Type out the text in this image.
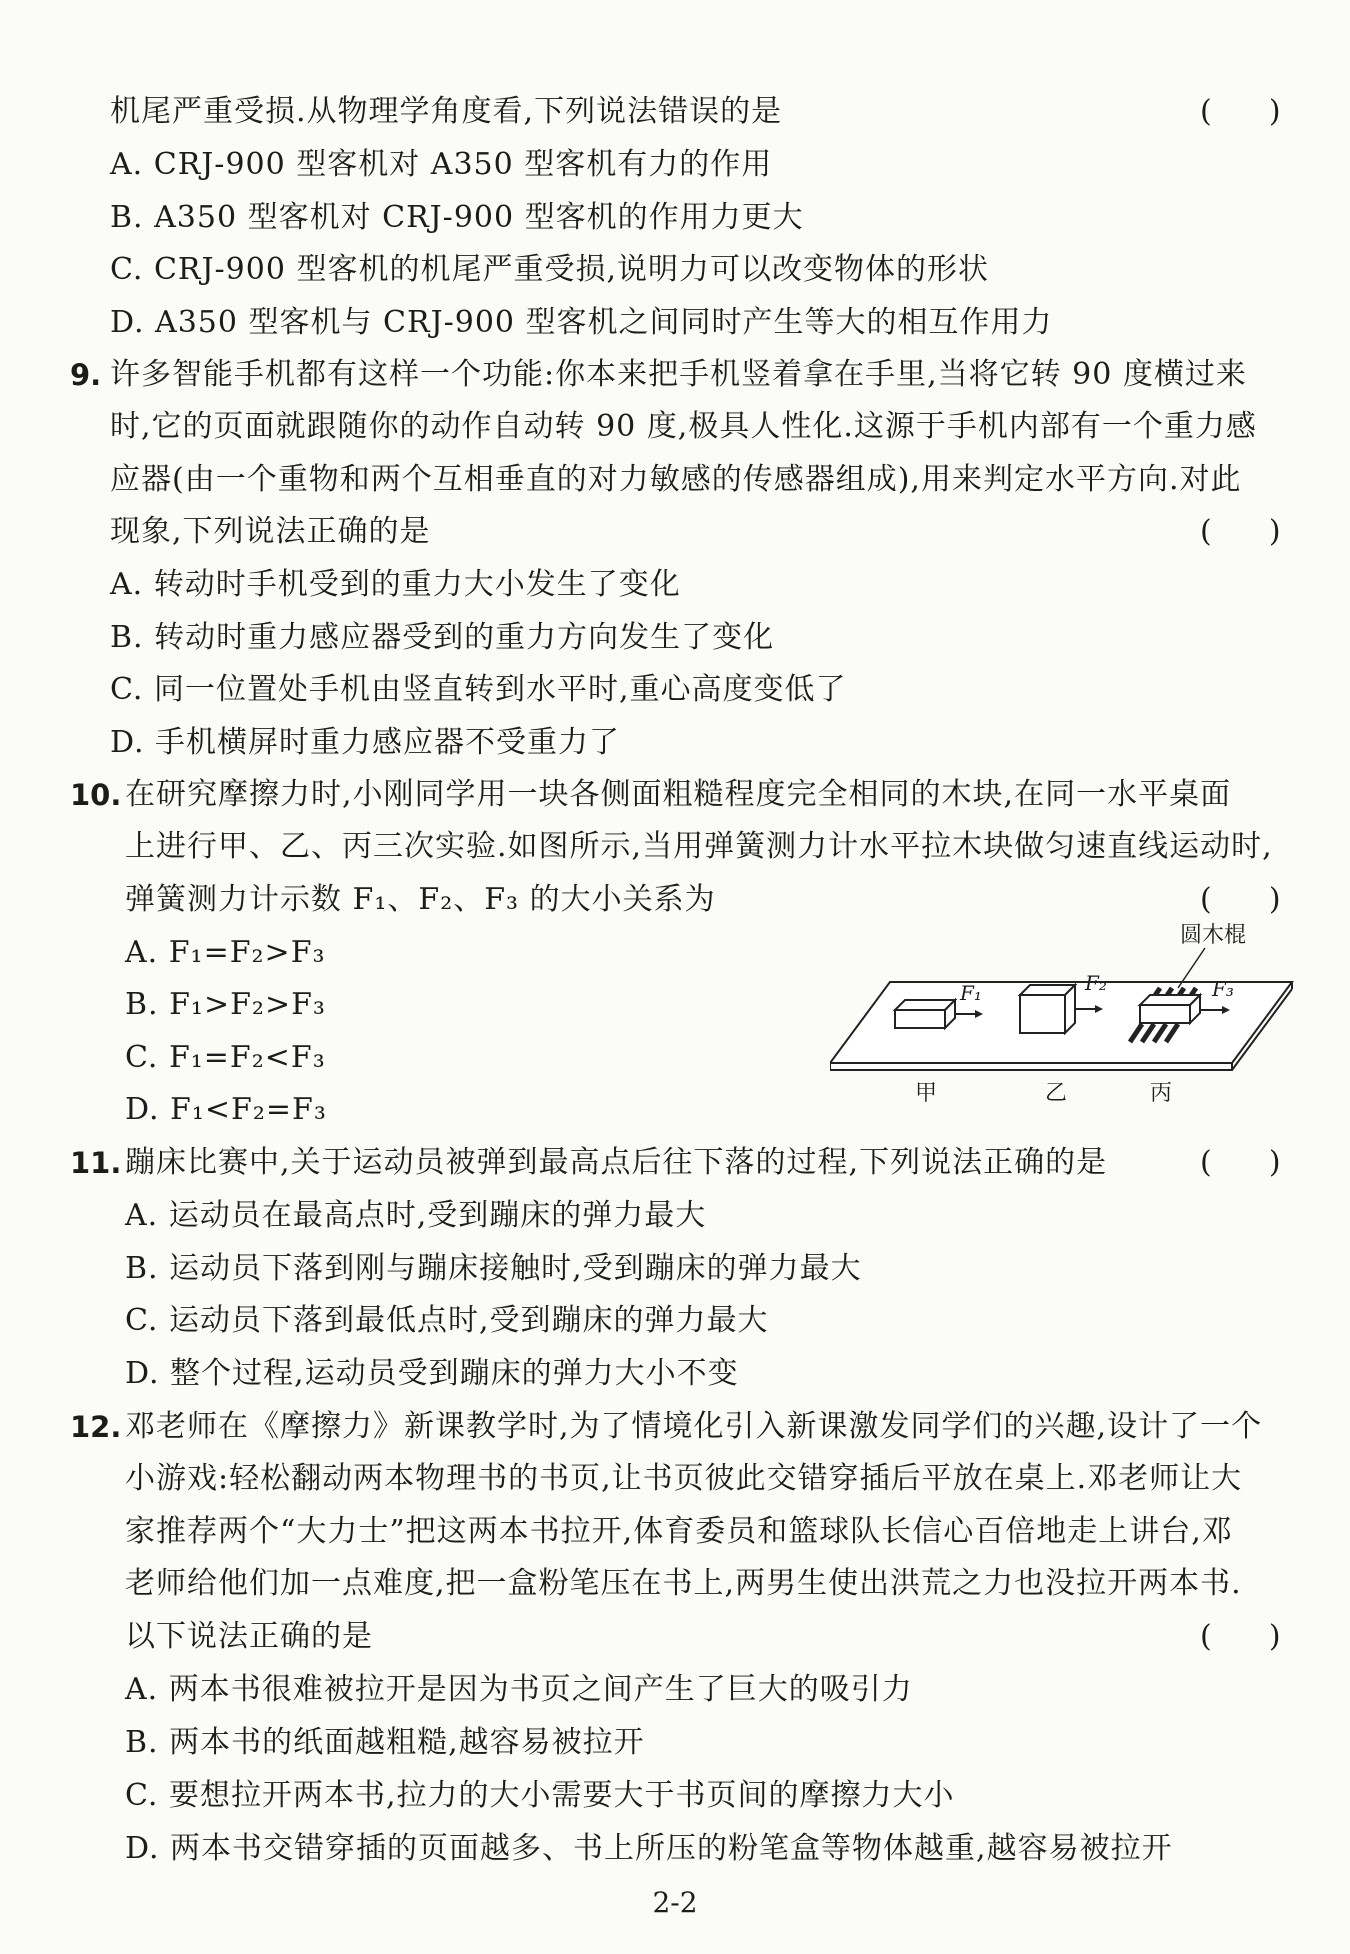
机尾严重受损.从物理学角度看,下列说法错误的是	(      )
A. CRJ-900 型客机对 A350 型客机有力的作用
B. A350 型客机对 CRJ-900 型客机的作用力更大
C. CRJ-900 型客机的机尾严重受损,说明力可以改变物体的形状
D. A350 型客机与 CRJ-900 型客机之间同时产生等大的相互作用力
9. 许多智能手机都有这样一个功能:你本来把手机竖着拿在手里,当将它转 90 度横过来
时,它的页面就跟随你的动作自动转 90 度,极具人性化.这源于手机内部有一个重力感
应器(由一个重物和两个互相垂直的对力敏感的传感器组成),用来判定水平方向.对此
现象,下列说法正确的是	(      )
A. 转动时手机受到的重力大小发生了变化
B. 转动时重力感应器受到的重力方向发生了变化
C. 同一位置处手机由竖直转到水平时,重心高度变低了
D. 手机横屏时重力感应器不受重力了
10. 在研究摩擦力时,小刚同学用一块各侧面粗糙程度完全相同的木块,在同一水平桌面
上进行甲、乙、丙三次实验.如图所示,当用弹簧测力计水平拉木块做匀速直线运动时,
弹簧测力计示数 F₁、F₂、F₃ 的大小关系为	(      )
A. F₁=F₂>F₃
B. F₁>F₂>F₃
C. F₁=F₂<F₃
D. F₁<F₂=F₃
圆木棍
F₁	F₂	F₃
甲	乙	丙
11. 蹦床比赛中,关于运动员被弹到最高点后往下落的过程,下列说法正确的是	(      )
A. 运动员在最高点时,受到蹦床的弹力最大
B. 运动员下落到刚与蹦床接触时,受到蹦床的弹力最大
C. 运动员下落到最低点时,受到蹦床的弹力最大
D. 整个过程,运动员受到蹦床的弹力大小不变
12. 邓老师在《摩擦力》新课教学时,为了情境化引入新课激发同学们的兴趣,设计了一个
小游戏:轻松翻动两本物理书的书页,让书页彼此交错穿插后平放在桌上.邓老师让大
家推荐两个“大力士”把这两本书拉开,体育委员和篮球队长信心百倍地走上讲台,邓
老师给他们加一点难度,把一盒粉笔压在书上,两男生使出洪荒之力也没拉开两本书.
以下说法正确的是	(      )
A. 两本书很难被拉开是因为书页之间产生了巨大的吸引力
B. 两本书的纸面越粗糙,越容易被拉开
C. 要想拉开两本书,拉力的大小需要大于书页间的摩擦力大小
D. 两本书交错穿插的页面越多、书上所压的粉笔盒等物体越重,越容易被拉开
2-2
